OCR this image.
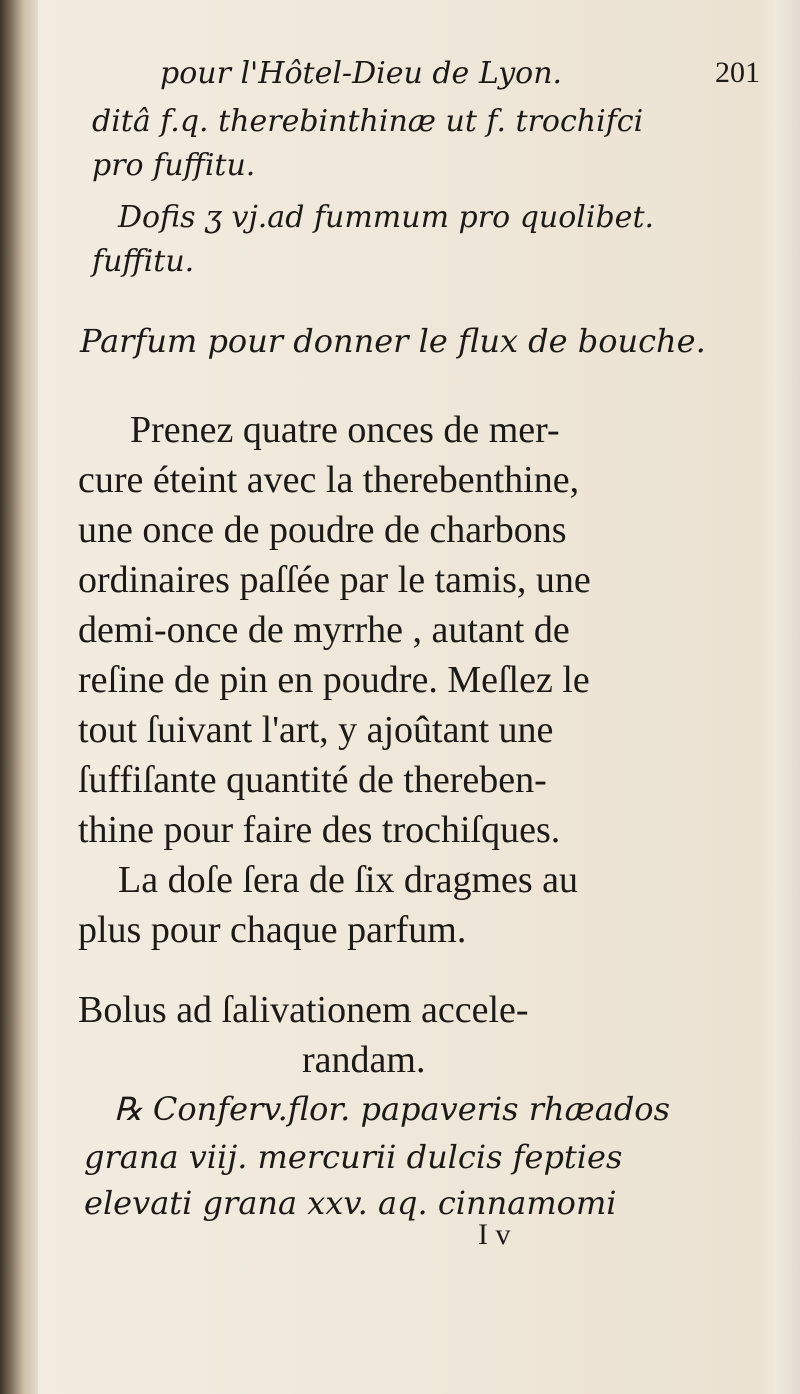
pour l'Hôtel-Dieu de Lyon.	201
ditâ f.q. therebinthinæ ut f. trochifci
pro fuffitu.
Dofis ʒ vj.ad fummum pro quolibet.
fuffitu.
Parfum pour donner le flux de bouche.
Prenez quatre onces de mer-
cure éteint avec la therebenthine,
une once de poudre de charbons
ordinaires paſſée par le tamis, une
demi-once de myrrhe , autant de
reſine de pin en poudre. Meſlez le
tout ſuivant l'art, y ajoûtant une
ſuffiſante quantité de thereben-
thine pour faire des trochiſques.
La doſe ſera de ſix dragmes au
plus pour chaque parfum.
Bolus ad ſalivationem accele-
randam.
℞ Conferv.flor. papaveris rhæados
grana viij. mercurii dulcis fepties
elevati grana xxv. aq. cinnamomi
I v
